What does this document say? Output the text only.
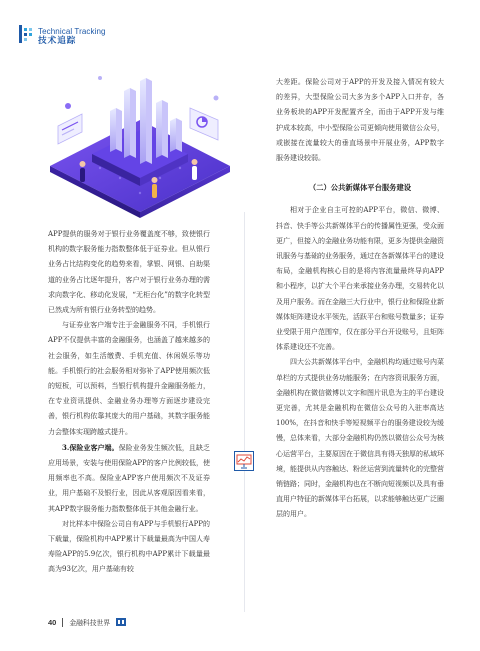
Technical Tracking
技术追踪

APP提供的服务对于银行业务覆盖度不够，致使银行机构的数字服务能力指数整体低于证券业。但从银行业务占比结构变化的趋势来看，掌银、网银、自助渠道的业务占比逐年提升，客户对于银行业务办理的需求向数字化、移动化发展，“无柜台化”的数字化转型已然成为所有银行业务转型的趋势。

与证券业客户端专注于金融服务不同，手机银行APP不仅提供丰富的金融服务，也涵盖了越来越多的社会服务，如生活缴费、手机充值、休闲娱乐等功能。手机银行的社会服务相对弥补了APP使用频次低的短板，可以预料，当银行机构提升金融服务能力，在专业资讯提供、金融业务办理等方面逐步建设完善，银行机构依靠其庞大的用户基础，其数字服务能力会整体实现跨越式提升。

3.保险业客户端。保险业务发生频次低，且缺乏应用场景，安装与使用保险APP的客户比例较低，使用频率也不高。保险业APP客户使用频次不及证券业，用户基础不及银行业，因此从客观原因看来看，其APP数字服务能力指数整体低于其他金融行业。

对比样本中保险公司自有APP与手机银行APP的下载量，保险机构中APP累计下载量最高为中国人寿寿险APP的5.9亿次，银行机构中APP累计下载量最高为93亿次，用户基础有较

大差距。保险公司对于APP的开发及接入情况有较大的差异，大型保险公司大多为多个APP入口并存，各业务板块的APP开发配置齐全，而由于APP开发与维护成本较高，中小型保险公司更倾向使用微信公众号，或嵌接在流量较大的垂直场景中开展业务，APP数字服务建设较弱。

（二）公共新媒体平台服务建设

相对于企业自主可控的APP平台，微信、微博、抖音、快手等公共新媒体平台的传播属性更强，受众面更广，但接入的金融业务功能有限，更多为提供金融资讯服务与基础的业务服务，通过在各新媒体平台的建设布局，金融机构核心目的是将内容流量最终导向APP和小程序，以扩大个平台来承接业务办理，交易转化以及用户服务。而在金融三大行业中，银行业和保险业新媒体矩阵建设水平领先，活跃平台和账号数量多；证券业受限于用户范围窄，仅在部分平台开设账号，且矩阵体系建设还不完善。

四大公共新媒体平台中，金融机构均通过账号内菜单栏的方式提供业务功能服务；在内容资讯服务方面，金融机构在微信微博以文字和图片讯息为主的平台建设更完善，尤其是金融机构在微信公众号的入驻率高达100%，在抖音和快手等短视频平台的服务建设较为缓慢，总体来看，大部分金融机构仍然以微信公众号为核心运营平台，主要原因在于微信具有得天独厚的私域环境，能提供从内容触达、粉丝运营到流量转化的完整营销链路；同时，金融机构也在不断向短视频以及具有垂直用户特征的新媒体平台拓展，以求能够触达更广泛圈层的用户。

40 金融科技世界
